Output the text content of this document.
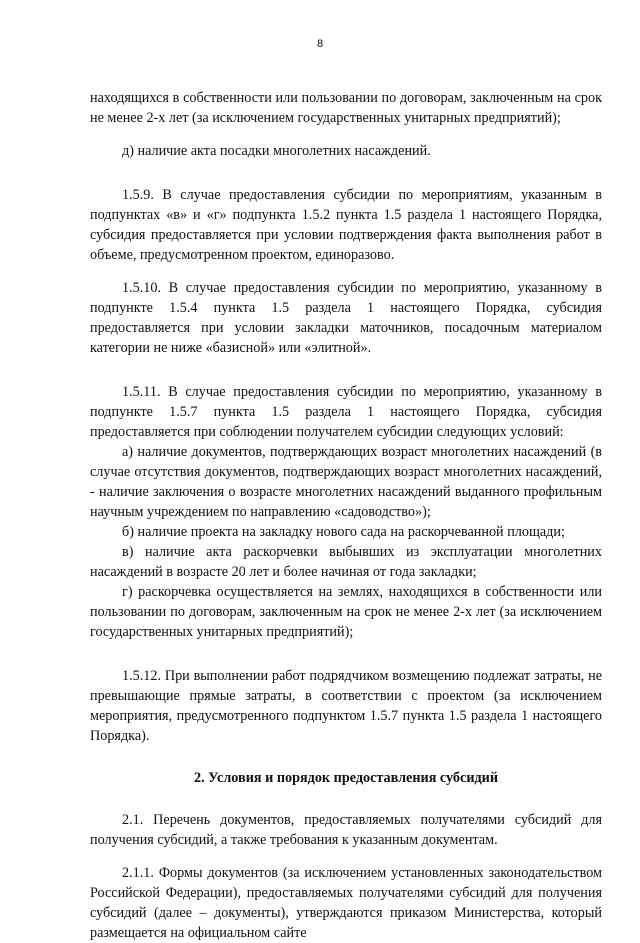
8

находящихся в собственности или пользовании по договорам, заключенным на срок не менее 2-х лет (за исключением государственных унитарных предприятий);

д) наличие акта посадки многолетних насаждений.

1.5.9. В случае предоставления субсидии по мероприятиям, указанным в подпунктах «в» и «г» подпункта 1.5.2 пункта 1.5 раздела 1 настоящего Порядка, субсидия предоставляется при условии подтверждения факта выполнения работ в объеме, предусмотренном проектом, единоразово.

1.5.10. В случае предоставления субсидии по мероприятию, указанному в подпункте 1.5.4 пункта 1.5 раздела 1 настоящего Порядка, субсидия предоставляется при условии закладки маточников, посадочным материалом категории не ниже «базисной» или «элитной».

1.5.11. В случае предоставления субсидии по мероприятию, указанному в подпункте 1.5.7 пункта 1.5 раздела 1 настоящего Порядка, субсидия предоставляется при соблюдении получателем субсидии следующих условий:

а) наличие документов, подтверждающих возраст многолетних насаждений (в случае отсутствия документов, подтверждающих возраст многолетних насаждений, - наличие заключения о возрасте многолетних насаждений выданного профильным научным учреждением по направлению «садоводство»);

б) наличие проекта на закладку нового сада на раскорчеванной площади;

в) наличие акта раскорчевки выбывших из эксплуатации многолетних насаждений в возрасте 20 лет и более начиная от года закладки;

г) раскорчевка осуществляется на землях, находящихся в собственности или пользовании по договорам, заключенным на срок не менее 2-х лет (за исключением государственных унитарных предприятий);

1.5.12. При выполнении работ подрядчиком возмещению подлежат затраты, не превышающие прямые затраты, в соответствии с проектом (за исключением мероприятия, предусмотренного подпунктом 1.5.7 пункта 1.5 раздела 1 настоящего Порядка).

2. Условия и порядок предоставления субсидий

2.1. Перечень документов, предоставляемых получателями субсидий для получения субсидий, а также требования к указанным документам.

2.1.1. Формы документов (за исключением установленных законодательством Российской Федерации), предоставляемых получателями субсидий для получения субсидий (далее – документы), утверждаются приказом Министерства, который размещается на официальном сайте
